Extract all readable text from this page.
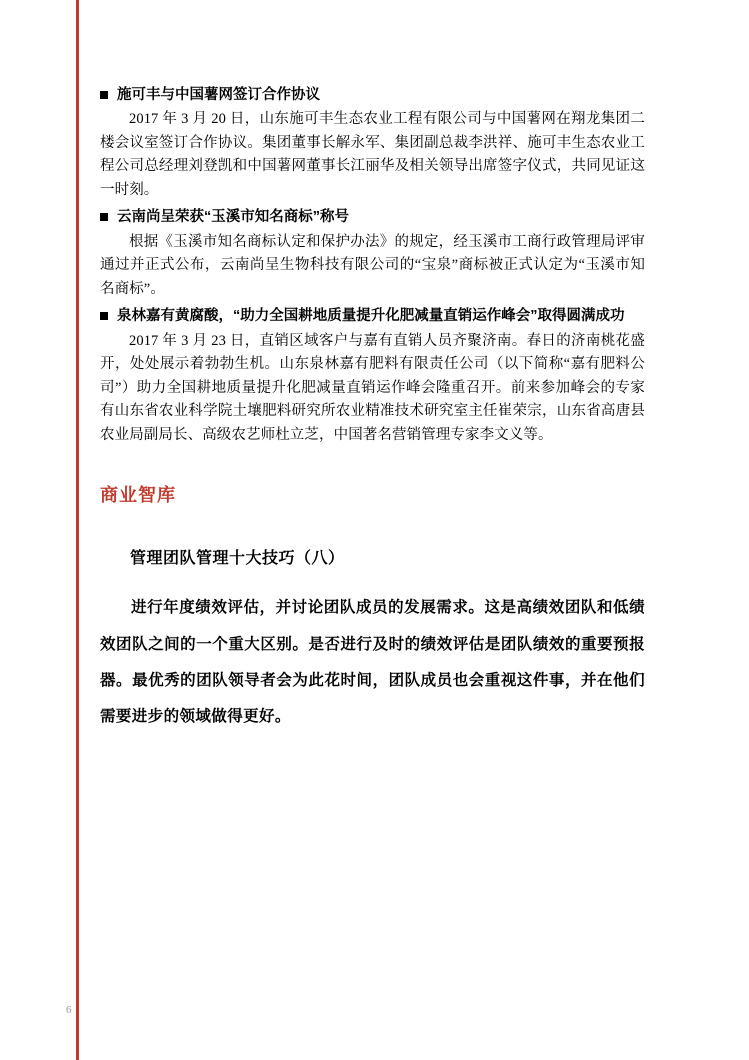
施可丰与中国薯网签订合作协议

2017 年 3 月 20 日，山东施可丰生态农业工程有限公司与中国薯网在翔龙集团二楼会议室签订合作协议。集团董事长解永军、集团副总裁李洪祥、施可丰生态农业工程公司总经理刘登凯和中国薯网董事长江丽华及相关领导出席签字仪式，共同见证这一时刻。

云南尚呈荣获“玉溪市知名商标”称号

根据《玉溪市知名商标认定和保护办法》的规定，经玉溪市工商行政管理局评审通过并正式公布，云南尚呈生物科技有限公司的“宝泉”商标被正式认定为“玉溪市知名商标”。

泉林嘉有黄腐酸，“助力全国耕地质量提升化肥减量直销运作峰会”取得圆满成功

2017 年 3 月 23 日，直销区域客户与嘉有直销人员齐聚济南。春日的济南桃花盛开，处处展示着勃勃生机。山东泉林嘉有肥料有限责任公司（以下简称“嘉有肥料公司”）助力全国耕地质量提升化肥减量直销运作峰会隆重召开。前来参加峰会的专家有山东省农业科学院土壤肥料研究所农业精准技术研究室主任崔荣宗，山东省高唐县农业局副局长、高级农艺师杜立芝，中国著名营销管理专家李文义等。

商业智库
管理团队管理十大技巧（八）

进行年度绩效评估，并讨论团队成员的发展需求。这是高绩效团队和低绩效团队之间的一个重大区别。是否进行及时的绩效评估是团队绩效的重要预报器。最优秀的团队领导者会为此花时间，团队成员也会重视这件事，并在他们需要进步的领域做得更好。

6
